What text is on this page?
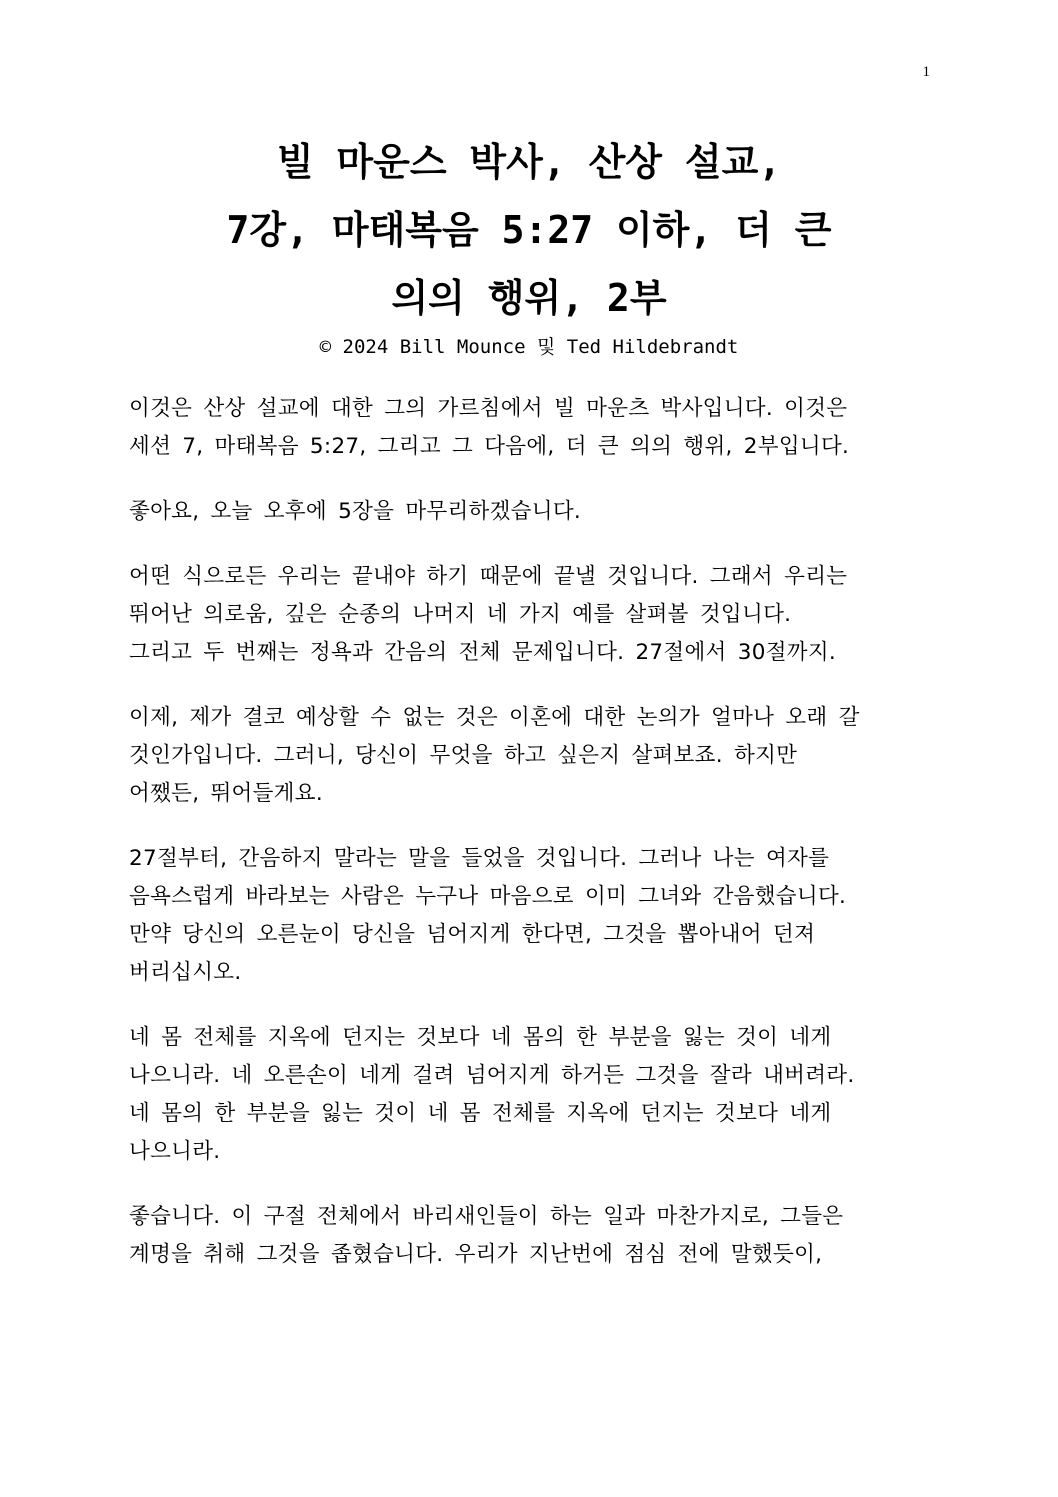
1
빌 마운스 박사, 산상 설교,
7강, 마태복음 5:27 이하, 더 큰
의의 행위, 2부
© 2024 Bill Mounce 및 Ted Hildebrandt
이것은 산상 설교에 대한 그의 가르침에서 빌 마운츠 박사입니다. 이것은
세션 7, 마태복음 5:27, 그리고 그 다음에, 더 큰 의의 행위, 2부입니다.
좋아요, 오늘 오후에 5장을 마무리하겠습니다.
어떤 식으로든 우리는 끝내야 하기 때문에 끝낼 것입니다. 그래서 우리는
뛰어난 의로움, 깊은 순종의 나머지 네 가지 예를 살펴볼 것입니다.
그리고 두 번째는 정욕과 간음의 전체 문제입니다. 27절에서 30절까지.
이제, 제가 결코 예상할 수 없는 것은 이혼에 대한 논의가 얼마나 오래 갈
것인가입니다. 그러니, 당신이 무엇을 하고 싶은지 살펴보죠. 하지만
어쨌든, 뛰어들게요.
27절부터, 간음하지 말라는 말을 들었을 것입니다. 그러나 나는 여자를
음욕스럽게 바라보는 사람은 누구나 마음으로 이미 그녀와 간음했습니다.
만약 당신의 오른눈이 당신을 넘어지게 한다면, 그것을 뽑아내어 던져
버리십시오.
네 몸 전체를 지옥에 던지는 것보다 네 몸의 한 부분을 잃는 것이 네게
나으니라. 네 오른손이 네게 걸려 넘어지게 하거든 그것을 잘라 내버려라.
네 몸의 한 부분을 잃는 것이 네 몸 전체를 지옥에 던지는 것보다 네게
나으니라.
좋습니다. 이 구절 전체에서 바리새인들이 하는 일과 마찬가지로, 그들은
계명을 취해 그것을 좁혔습니다. 우리가 지난번에 점심 전에 말했듯이,
